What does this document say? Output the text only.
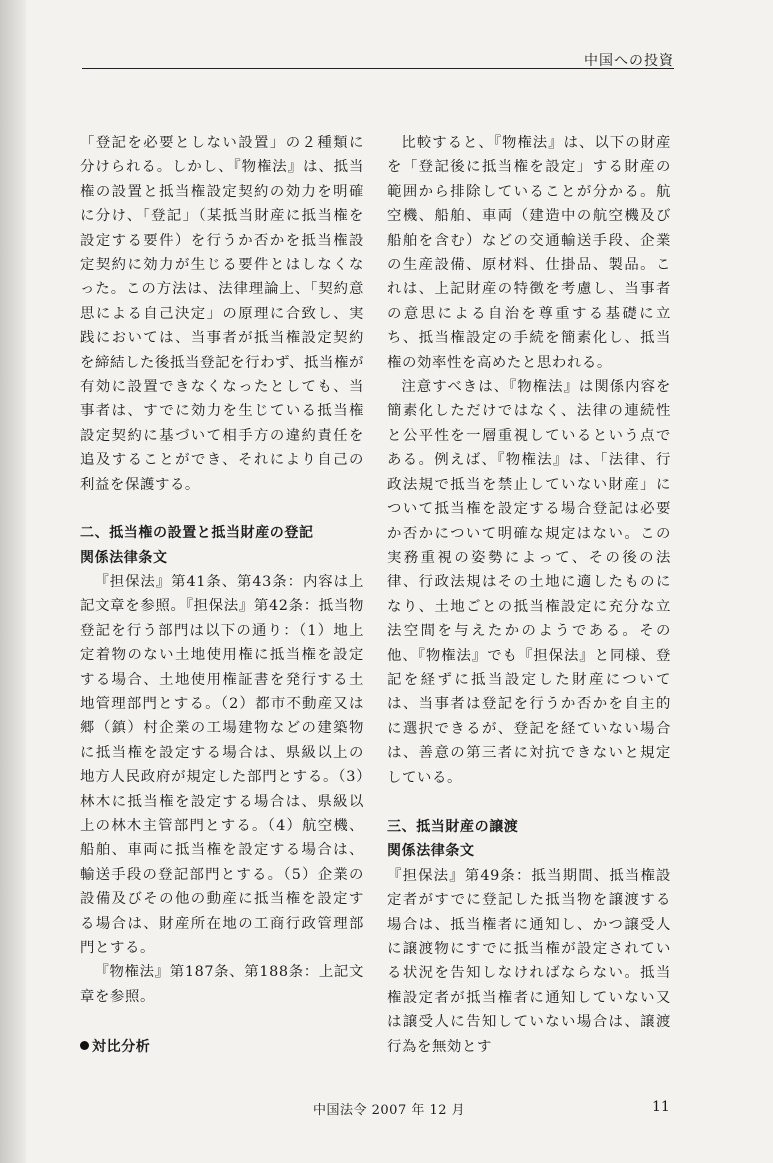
中国への投資

「登記を必要としない設置」の２種類に分けられる。しかし、『物権法』は、抵当権の設置と抵当権設定契約の効力を明確に分け、「登記」（某抵当財産に抵当権を設定する要件）を行うか否かを抵当権設定契約に効力が生じる要件とはしなくなった。この方法は、法律理論上、「契約意思による自己決定」の原理に合致し、実践においては、当事者が抵当権設定契約を締結した後抵当登記を行わず、抵当権が有効に設置できなくなったとしても、当事者は、すでに効力を生じている抵当権設定契約に基づいて相手方の違約責任を追及することができ、それにより自己の利益を保護する。

二、抵当権の設置と抵当財産の登記
関係法律条文

『担保法』第41条、第43条：内容は上記文章を参照。『担保法』第42条：抵当物登記を行う部門は以下の通り：（1）地上定着物のない土地使用権に抵当権を設定する場合、土地使用権証書を発行する土地管理部門とする。（2）都市不動産又は郷（鎮）村企業の工場建物などの建築物に抵当権を設定する場合は、県級以上の地方人民政府が規定した部門とする。（3）林木に抵当権を設定する場合は、県級以上の林木主管部門とする。（4）航空機、船舶、車両に抵当権を設定する場合は、輸送手段の登記部門とする。（5）企業の設備及びその他の動産に抵当権を設定する場合は、財産所在地の工商行政管理部門とする。

『物権法』第187条、第188条：上記文章を参照。

対比分析

比較すると、『物権法』は、以下の財産を「登記後に抵当権を設定」する財産の範囲から排除していることが分かる。航空機、船舶、車両（建造中の航空機及び船舶を含む）などの交通輸送手段、企業の生産設備、原材料、仕掛品、製品。これは、上記財産の特徴を考慮し、当事者の意思による自治を尊重する基礎に立ち、抵当権設定の手続を簡素化し、抵当権の効率性を高めたと思われる。

注意すべきは、『物権法』は関係内容を簡素化しただけではなく、法律の連続性と公平性を一層重視しているという点である。例えば、『物権法』は、「法律、行政法規で抵当を禁止していない財産」について抵当権を設定する場合登記は必要か否かについて明確な規定はない。この実務重視の姿勢によって、その後の法律、行政法規はその土地に適したものになり、土地ごとの抵当権設定に充分な立法空間を与えたかのようである。その他、『物権法』でも『担保法』と同様、登記を経ずに抵当設定した財産については、当事者は登記を行うか否かを自主的に選択できるが、登記を経ていない場合は、善意の第三者に対抗できないと規定している。

三、抵当財産の譲渡
関係法律条文

『担保法』第49条：抵当期間、抵当権設定者がすでに登記した抵当物を譲渡する場合は、抵当権者に通知し、かつ譲受人に譲渡物にすでに抵当権が設定されている状況を告知しなければならない。抵当権設定者が抵当権者に通知していない又は譲受人に告知していない場合は、譲渡行為を無効とす

中国法令 2007 年 12 月	11
